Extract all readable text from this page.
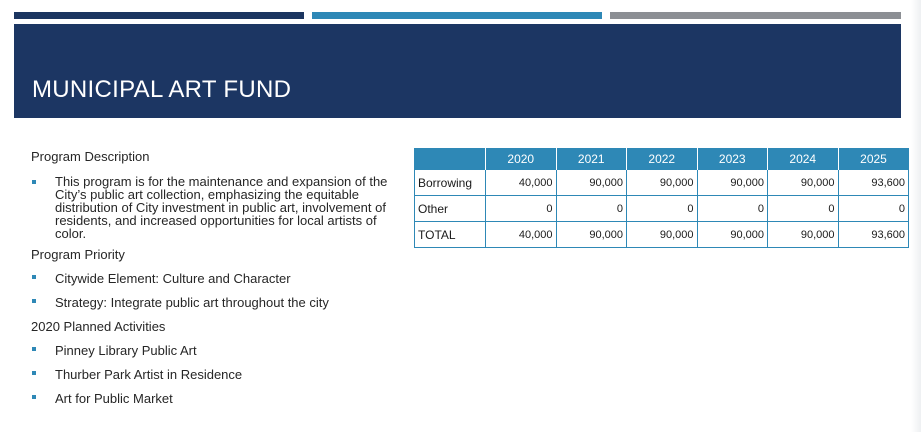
MUNICIPAL ART FUND

Program Description

This program is for the maintenance and expansion of the City’s public art collection, emphasizing the equitable distribution of City investment in public art, involvement of residents, and increased opportunities for local artists of color.

Program Priority

Citywide Element: Culture and Character
Strategy: Integrate public art throughout the city

2020 Planned Activities

Pinney Library Public Art
Thurber Park Artist in Residence
Art for Public Market
	2020	2021	2022	2023	2024	2025
Borrowing	40,000	90,000	90,000	90,000	90,000	93,600
Other	0	0	0	0	0	0
TOTAL	40,000	90,000	90,000	90,000	90,000	93,600
